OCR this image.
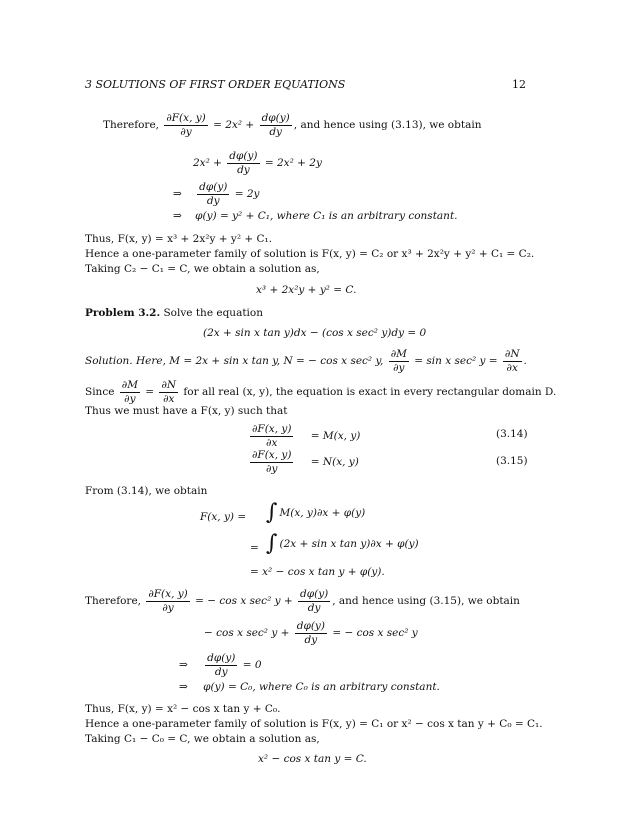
3 SOLUTIONS OF FIRST ORDER EQUATIONS	12
Therefore, $\frac{\partial F(x, y)}{\partial y} = 2x^2 + \frac{d\varphi(y)}{dy}$ , and hence using (3.13), we obtain
$2x^2 + \frac{d\varphi(y)}{dy} = 2x^2 + 2y$
⇒ $\frac{d\varphi(y)}{dy} = 2y$
⇒ φ(y) = y² + C₁, where C₁ is an arbitrary constant.
Thus, F(x, y) = x³ + 2x²y + y² + C₁.
Hence a one-parameter family of solution is F(x, y) = C₂ or x³ + 2x²y + y² + C₁ = C₂.
Taking C₂ − C₁ = C, we obtain a solution as,
x³ + 2x²y + y² = C.
Problem 3.2. Solve the equation
(2x + sin x tan y)dx − (cos x sec² y)dy = 0
Solution. Here, M = 2x + sin x tan y, N = − cos x sec² y, $\frac{\partial M}{\partial y} = \sin x$ sec² $y = \frac{\partial N}{\partial x}$ .
Since $\frac{\partial M}{\partial y} = \frac{\partial N}{\partial x}$ for all real (x, y), the equation is exact in every rectangular domain D.
Thus we must have a F(x, y) such that
$\frac{\partial F(x, y)}{\partial x} = M(x$, y)	(3.14)
$\frac{\partial F(x, y)}{\partial y} = N(x$, y)	(3.15)
From (3.14), we obtain
F(x, y) = ∫ M(x, y)∂x + φ(y)
= ∫ (2x + sin x tan y)∂x + φ(y)
= x² − cos x tan y + φ(y).
Therefore, $\frac{\partial F(x, y)}{\partial y}$ = − cos x sec² $y + \frac{d\varphi(y)}{dy}$ , and hence using (3.15), we obtain
− cos x sec² $y + \frac{d\varphi(y)}{dy}$ = − cos x sec² y
⇒ $\frac{d\varphi(y)}{dy} = 0$
⇒ φ(y) = C₀, where C₀ is an arbitrary constant.
Thus, F(x, y) = x² − cos x tan y + C₀.
Hence a one-parameter family of solution is F(x, y) = C₁ or x² − cos x tan y + C₀ = C₁.
Taking C₁ − C₀ = C, we obtain a solution as,
x² − cos x tan y = C.
